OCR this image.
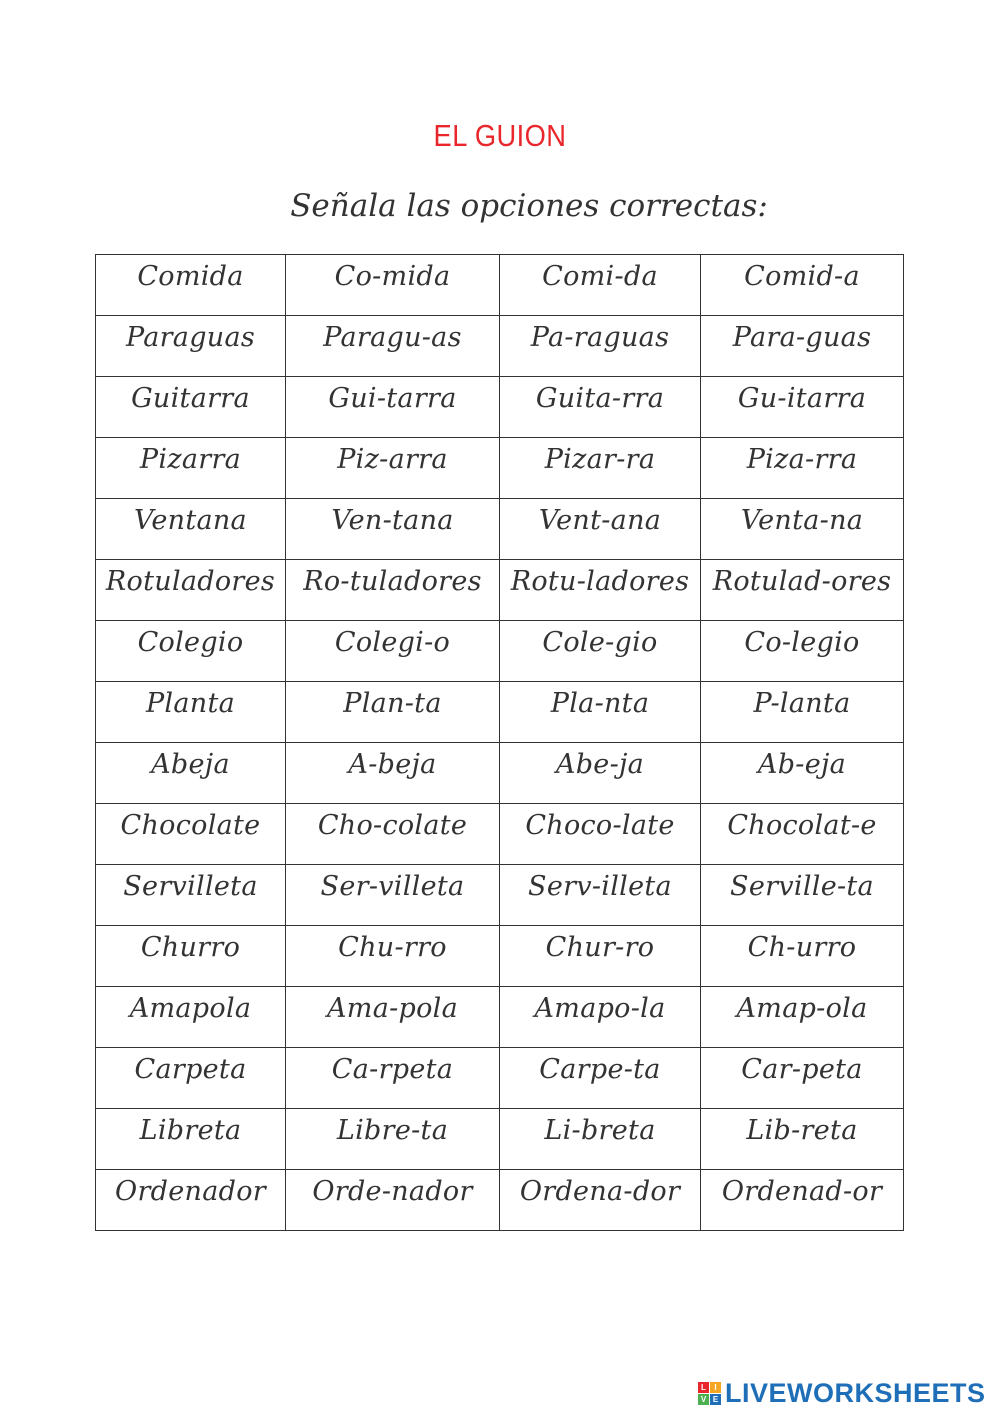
EL GUION
Señala las opciones correctas:
Comida	Co-mida	Comi-da	Comid-a

Paraguas	Paragu-as	Pa-raguas	Para-guas

Guitarra	Gui-tarra	Guita-rra	Gu-itarra

Pizarra	Piz-arra	Pizar-ra	Piza-rra

Ventana	Ven-tana	Vent-ana	Venta-na

Rotuladores	Ro-tuladores	Rotu-ladores	Rotulad-ores

Colegio	Colegi-o	Cole-gio	Co-legio

Planta	Plan-ta	Pla-nta	P-lanta

Abeja	A-beja	Abe-ja	Ab-eja

Chocolate	Cho-colate	Choco-late	Chocolat-e

Servilleta	Ser-villeta	Serv-illeta	Serville-ta

Churro	Chu-rro	Chur-ro	Ch-urro

Amapola	Ama-pola	Amapo-la	Amap-ola

Carpeta	Ca-rpeta	Carpe-ta	Car-peta

Libreta	Libre-ta	Li-breta	Lib-reta

Ordenador	Orde-nador	Ordena-dor	Ordenad-or
L	I
V E LIVEWORKSHEETS
